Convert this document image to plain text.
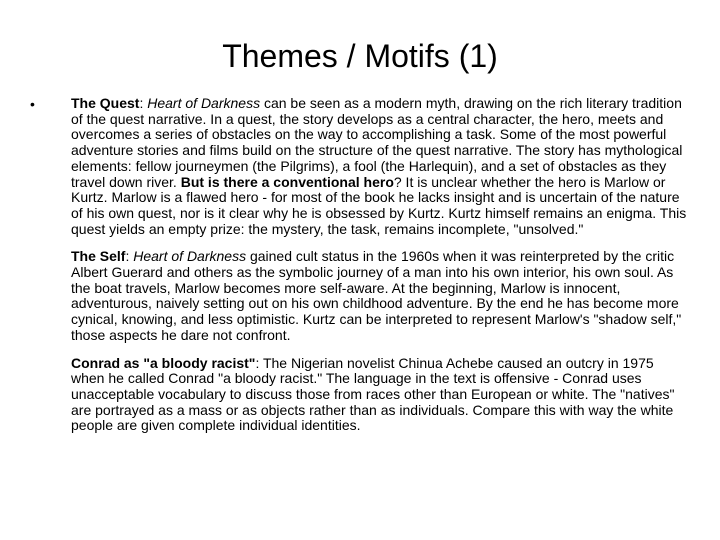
Themes / Motifs (1)
•	The Quest: Heart of Darkness can be seen as a modern myth, drawing on the rich literary tradition of the quest narrative. In a quest, the story develops as a central character, the hero, meets and overcomes a series of obstacles on the way to accomplishing a task. Some of the most powerful adventure stories and films build on the structure of the quest narrative. The story has mythological elements: fellow journeymen (the Pilgrims), a fool (the Harlequin), and a set of obstacles as they travel down river. But is there a conventional hero? It is unclear whether the hero is Marlow or Kurtz. Marlow is a flawed hero - for most of the book he lacks insight and is uncertain of the nature of his own quest, nor is it clear why he is obsessed by Kurtz. Kurtz himself remains an enigma. This quest yields an empty prize: the mystery, the task, remains incomplete, "unsolved."

The Self: Heart of Darkness gained cult status in the 1960s when it was reinterpreted by the critic Albert Guerard and others as the symbolic journey of a man into his own interior, his own soul. As the boat travels, Marlow becomes more self-aware. At the beginning, Marlow is innocent, adventurous, naively setting out on his own childhood adventure. By the end he has become more cynical, knowing, and less optimistic. Kurtz can be interpreted to represent Marlow's "shadow self," those aspects he dare not confront.

Conrad as "a bloody racist": The Nigerian novelist Chinua Achebe caused an outcry in 1975 when he called Conrad "a bloody racist." The language in the text is offensive - Conrad uses unacceptable vocabulary to discuss those from races other than European or white. The "natives" are portrayed as a mass or as objects rather than as individuals. Compare this with way the white people are given complete individual identities.
